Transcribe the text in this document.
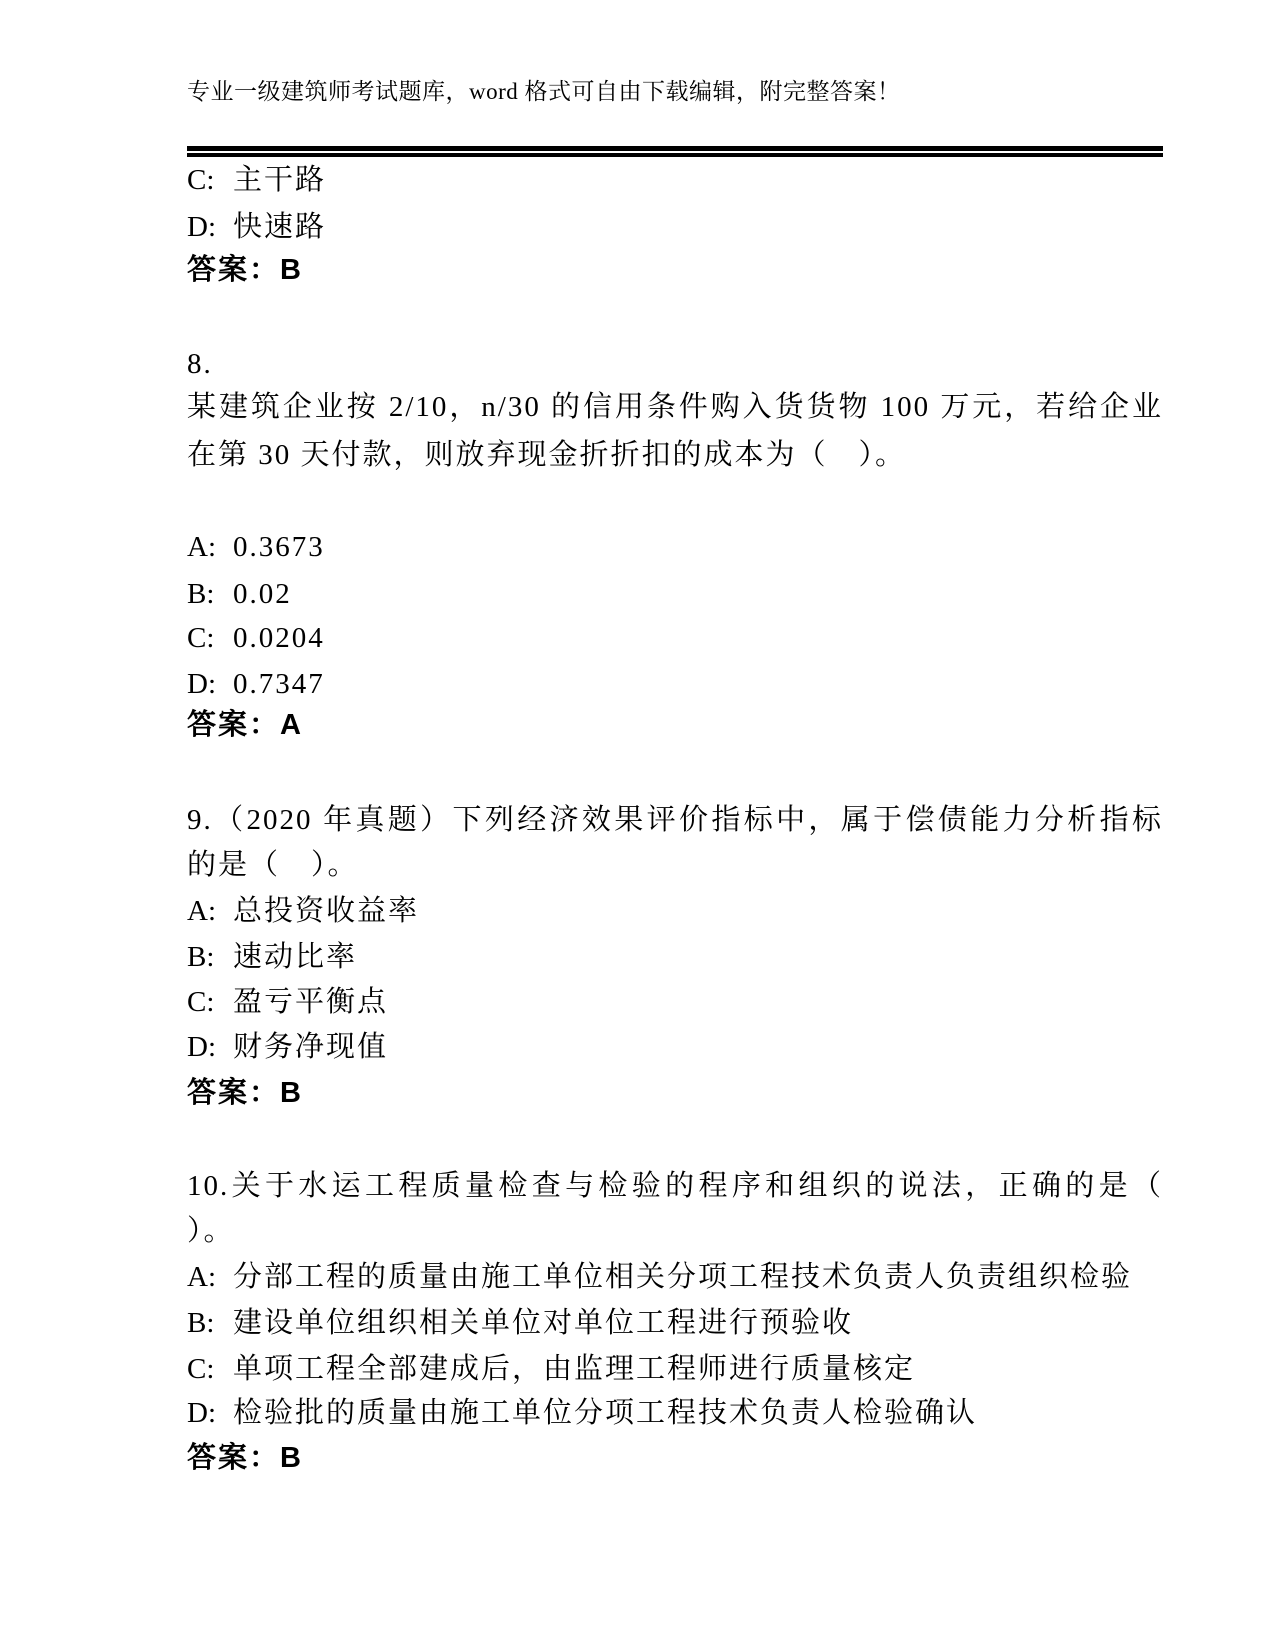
专业一级建筑师考试题库，word 格式可自由下载编辑，附完整答案！
C: 主干路
D: 快速路
答案：B
8.
某建筑企业按 2/10，n/30 的信用条件购入货货物 100 万元，若给企业
在第 30 天付款，则放弃现金折折扣的成本为（　）。
A: 0.3673
B: 0.02
C: 0.0204
D: 0.7347
答案：A
9.（2020 年真题）下列经济效果评价指标中，属于偿债能力分析指标
的是（　）。
A: 总投资收益率
B: 速动比率
C: 盈亏平衡点
D: 财务净现值
答案：B
10.关于水运工程质量检查与检验的程序和组织的说法，正确的是（
）。
A: 分部工程的质量由施工单位相关分项工程技术负责人负责组织检验
B: 建设单位组织相关单位对单位工程进行预验收
C: 单项工程全部建成后，由监理工程师进行质量核定
D: 检验批的质量由施工单位分项工程技术负责人检验确认
答案：B
